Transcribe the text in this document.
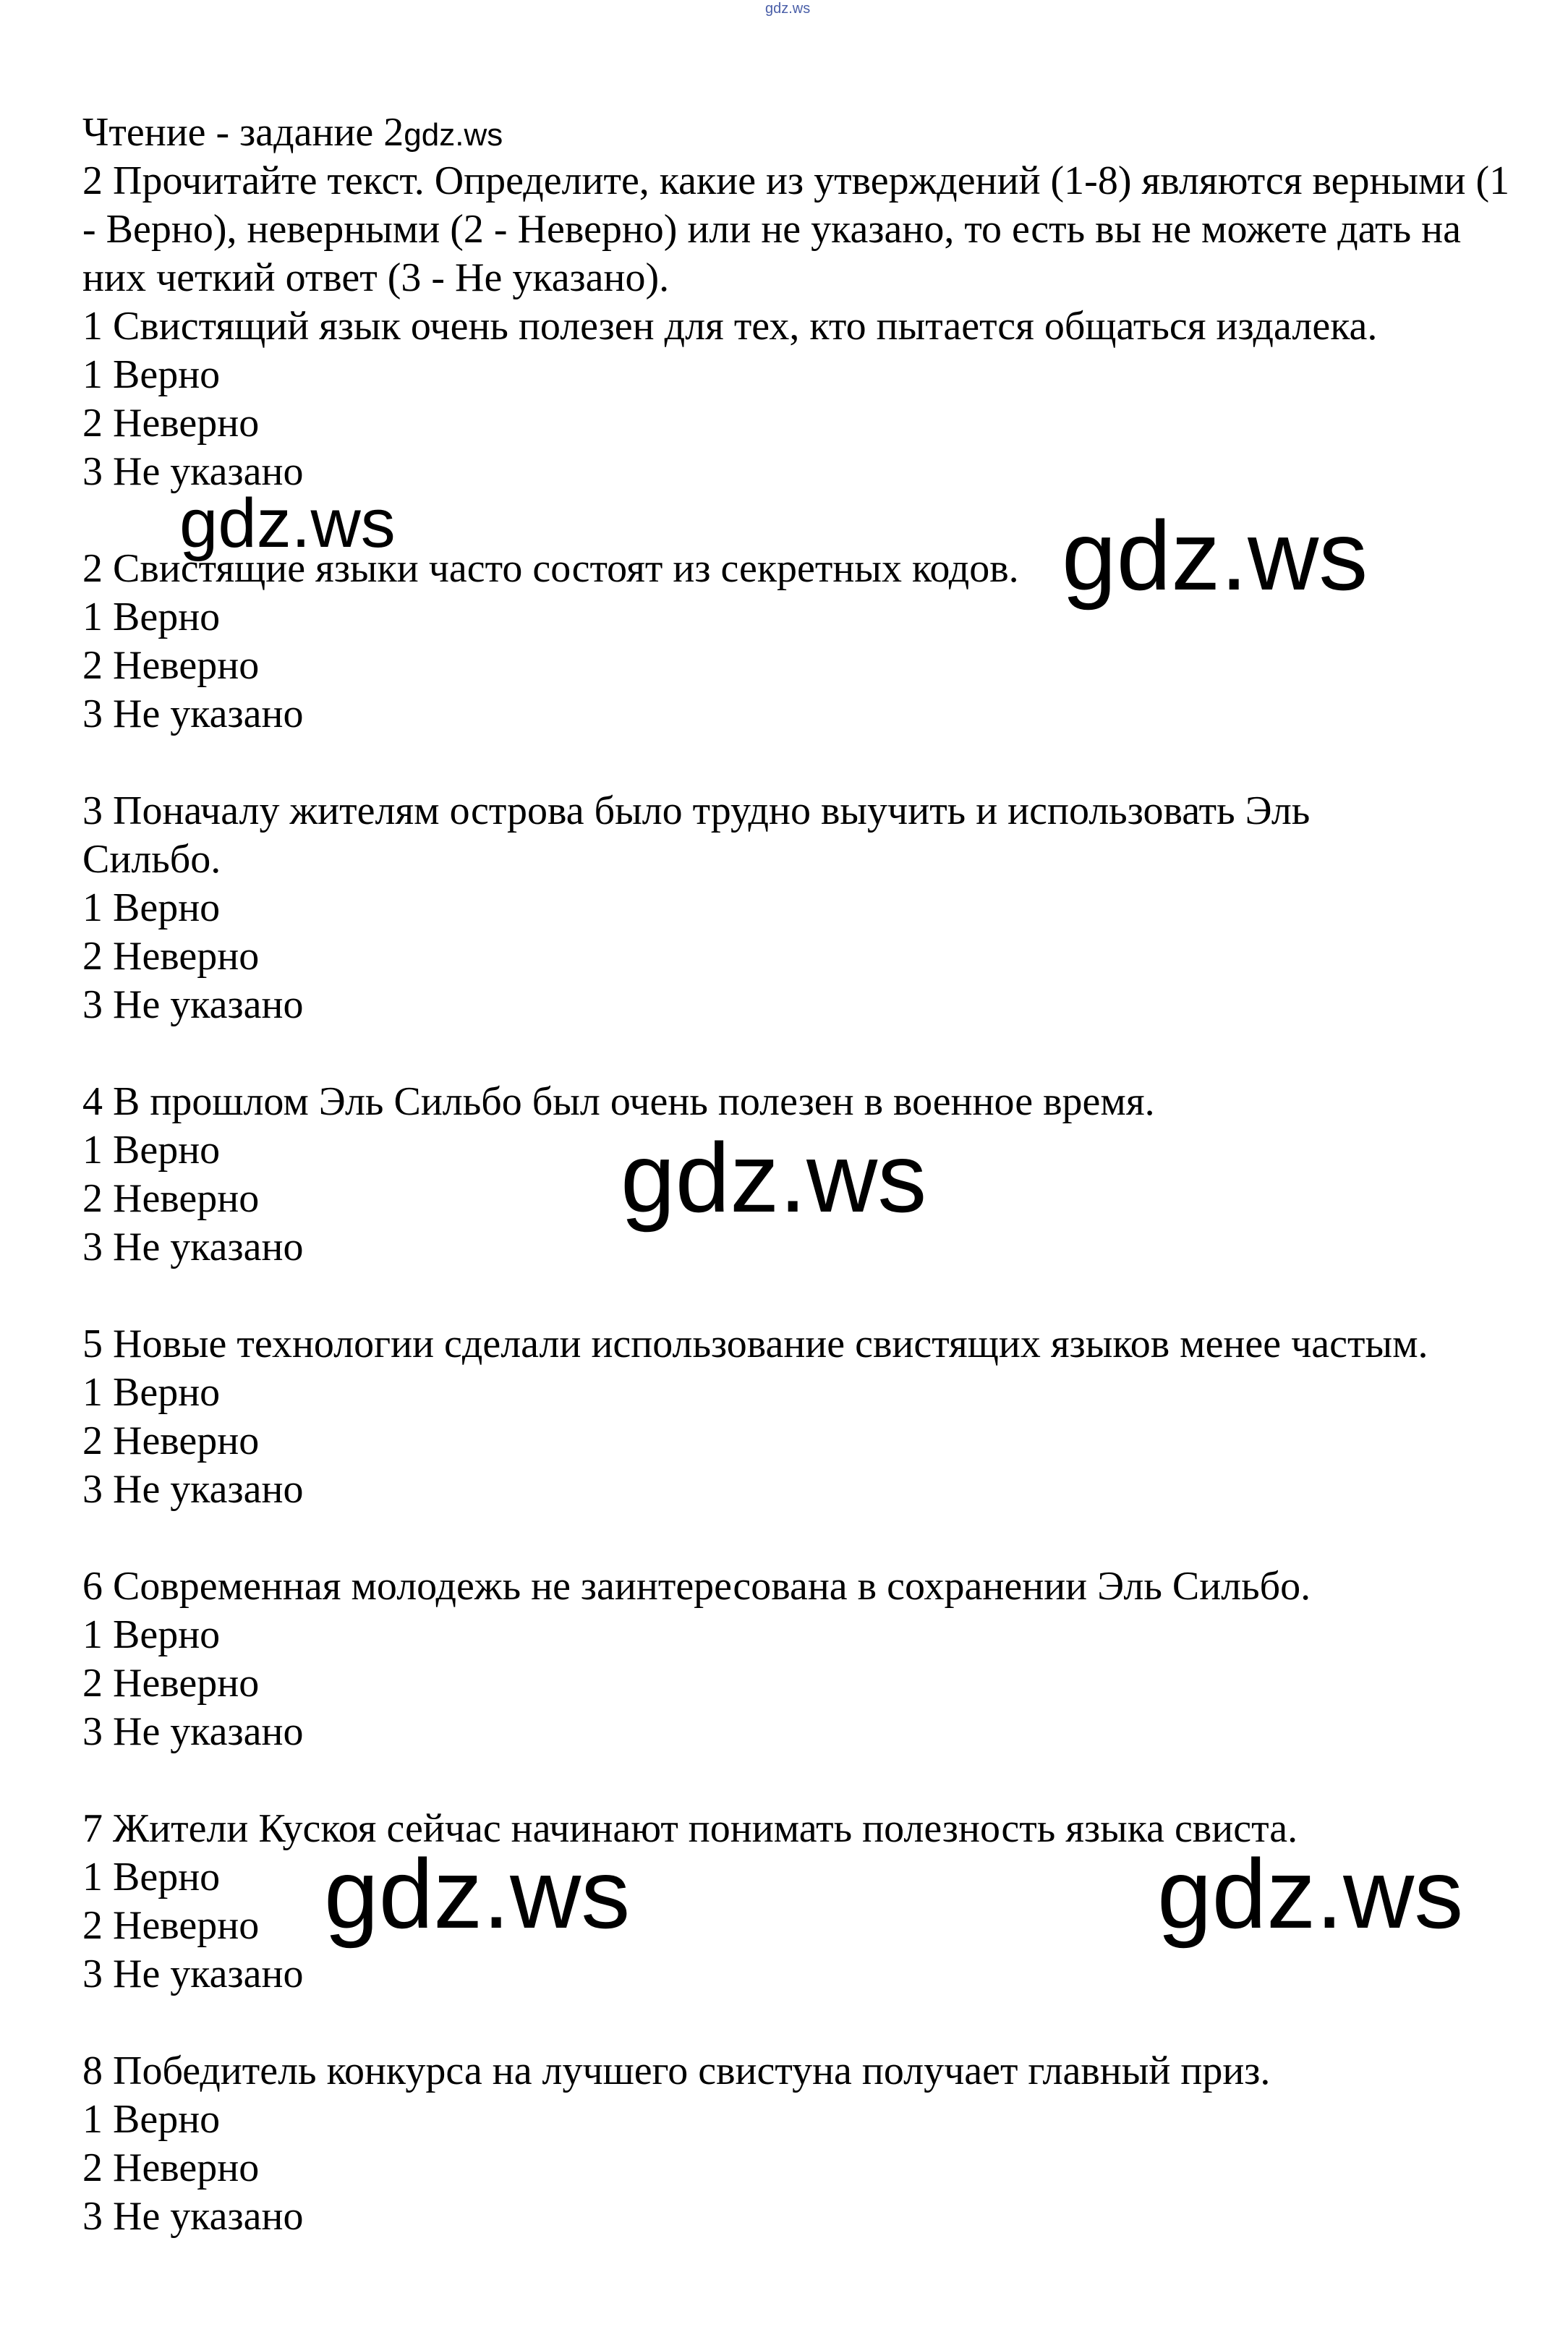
gdz.ws
Чтение - задание 2gdz.ws
2 Прочитайте текст. Определите, какие из утверждений (1-8) являются верными (1 - Верно), неверными (2 - Неверно) или не указано, то есть вы не можете дать на них четкий ответ (3 - Не указано).
1 Свистящий язык очень полезен для тех, кто пытается общаться издалека.
1 Верно
2 Неверно
3 Не указано
2 Свистящие языки часто состоят из секретных кодов.
1 Верно
2 Неверно
3 Не указано
3 Поначалу жителям острова было трудно выучить и использовать Эль Сильбо.
1 Верно
2 Неверно
3 Не указано
4 В прошлом Эль Сильбо был очень полезен в военное время.
1 Верно
2 Неверно
3 Не указано
5 Новые технологии сделали использование свистящих языков менее частым.
1 Верно
2 Неверно
3 Не указано
6 Современная молодежь не заинтересована в сохранении Эль Сильбо.
1 Верно
2 Неверно
3 Не указано
7 Жители Кускоя сейчас начинают понимать полезность языка свиста.
1 Верно
2 Неверно
3 Не указано
8 Победитель конкурса на лучшего свистуна получает главный приз.
1 Верно
2 Неверно
3 Не указано
gdz.ws	gdz.ws
gdz.ws
gdz.ws	gdz.ws
